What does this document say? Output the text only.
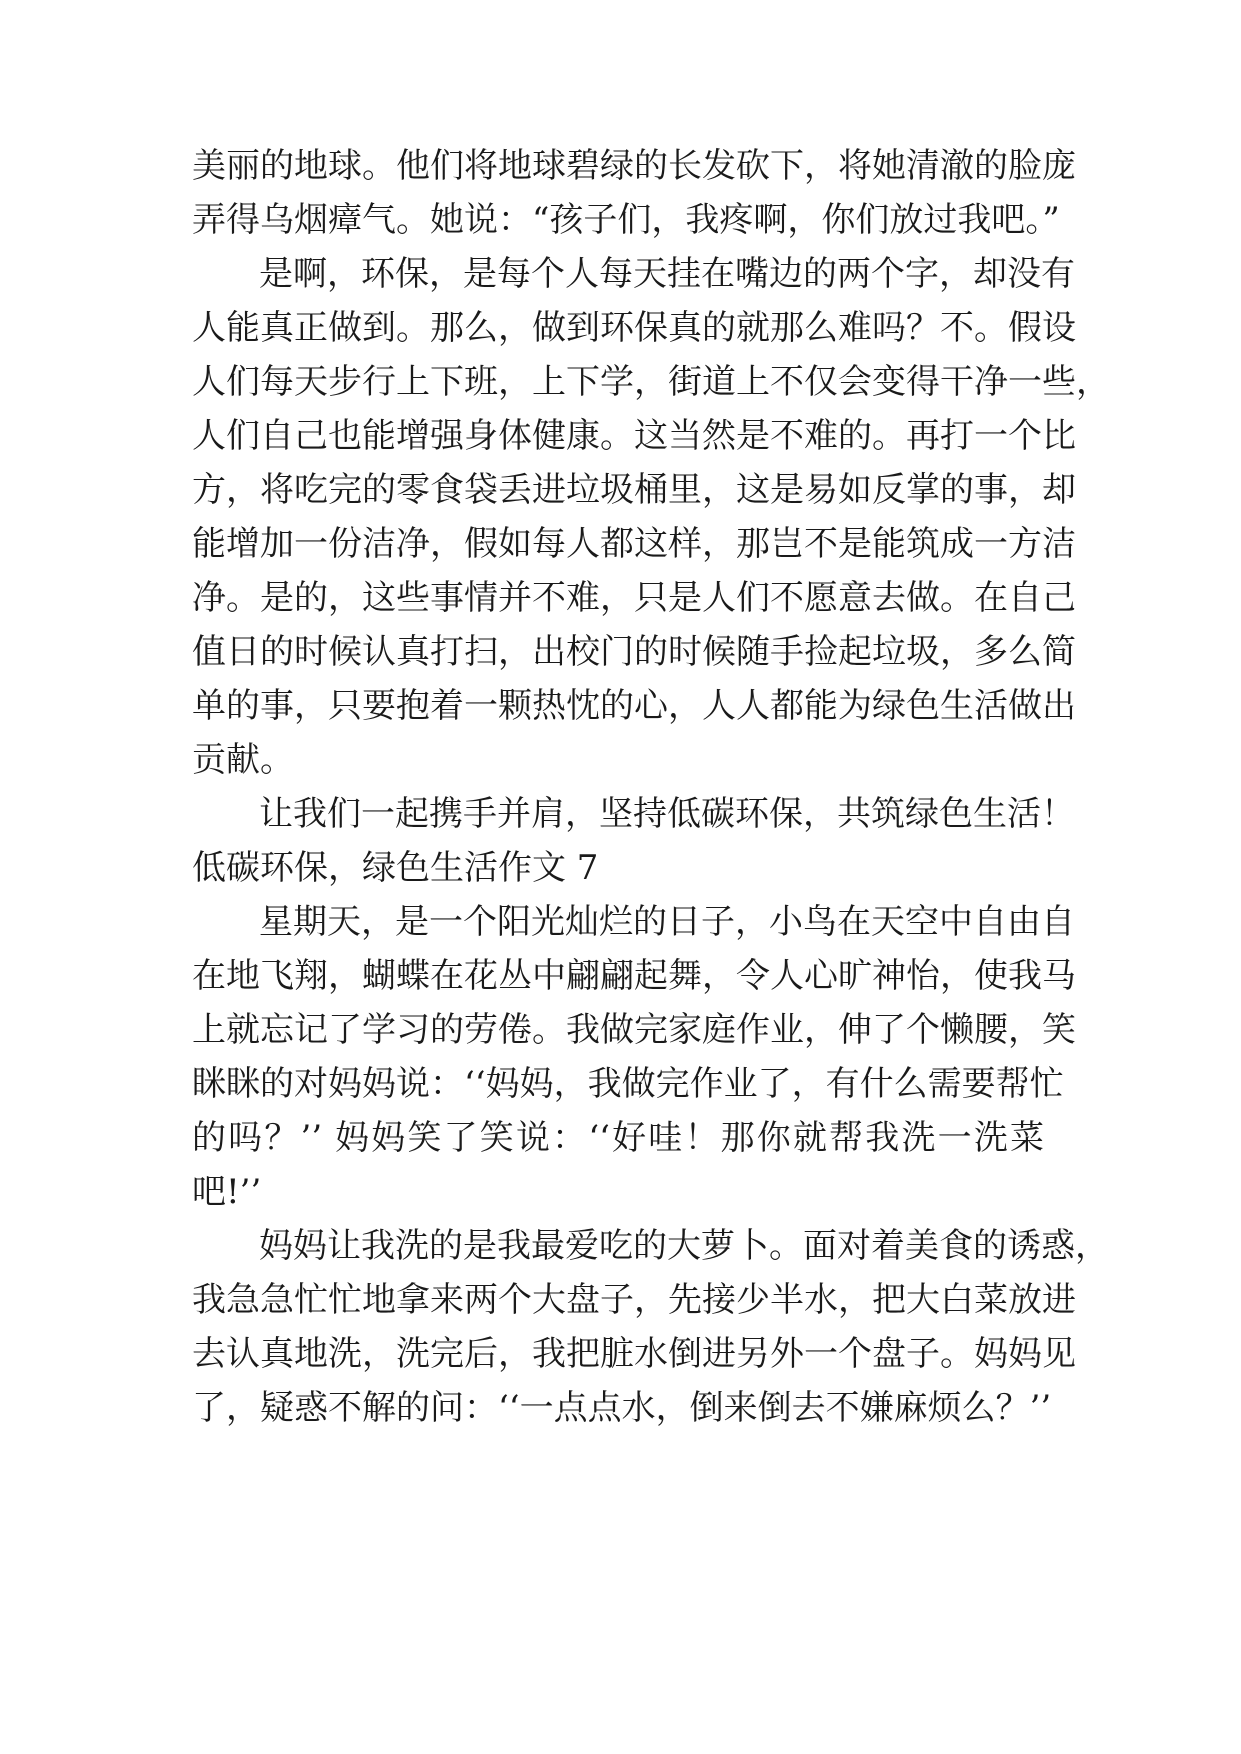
美丽的地球。他们将地球碧绿的长发砍下，将她清澈的脸庞

弄得乌烟瘴气。她说：“孩子们，我疼啊，你们放过我吧。”

是啊，环保，是每个人每天挂在嘴边的两个字，却没有

人能真正做到。那么，做到环保真的就那么难吗？不。假设

人们每天步行上下班，上下学，街道上不仅会变得干净一些，

人们自己也能增强身体健康。这当然是不难的。再打一个比

方，将吃完的零食袋丢进垃圾桶里，这是易如反掌的事，却

能增加一份洁净，假如每人都这样，那岂不是能筑成一方洁

净。是的，这些事情并不难，只是人们不愿意去做。在自己

值日的时候认真打扫，出校门的时候随手捡起垃圾，多么简

单的事，只要抱着一颗热忱的心，人人都能为绿色生活做出

贡献。

让我们一起携手并肩，坚持低碳环保，共筑绿色生活！

低碳环保，绿色生活作文 7

星期天，是一个阳光灿烂的日子，小鸟在天空中自由自

在地飞翔，蝴蝶在花丛中翩翩起舞，令人心旷神怡，使我马

上就忘记了学习的劳倦。我做完家庭作业，伸了个懒腰，笑

眯眯的对妈妈说：‘‘妈妈，我做完作业了，有什么需要帮忙

的吗？’’ 妈妈笑了笑说：‘‘好哇！那你就帮我洗一洗菜

吧!’’

妈妈让我洗的是我最爱吃的大萝卜。面对着美食的诱惑，

我急急忙忙地拿来两个大盘子，先接少半水，把大白菜放进

去认真地洗，洗完后，我把脏水倒进另外一个盘子。妈妈见

了，疑惑不解的问：‘‘一点点水，倒来倒去不嫌麻烦么？’’
